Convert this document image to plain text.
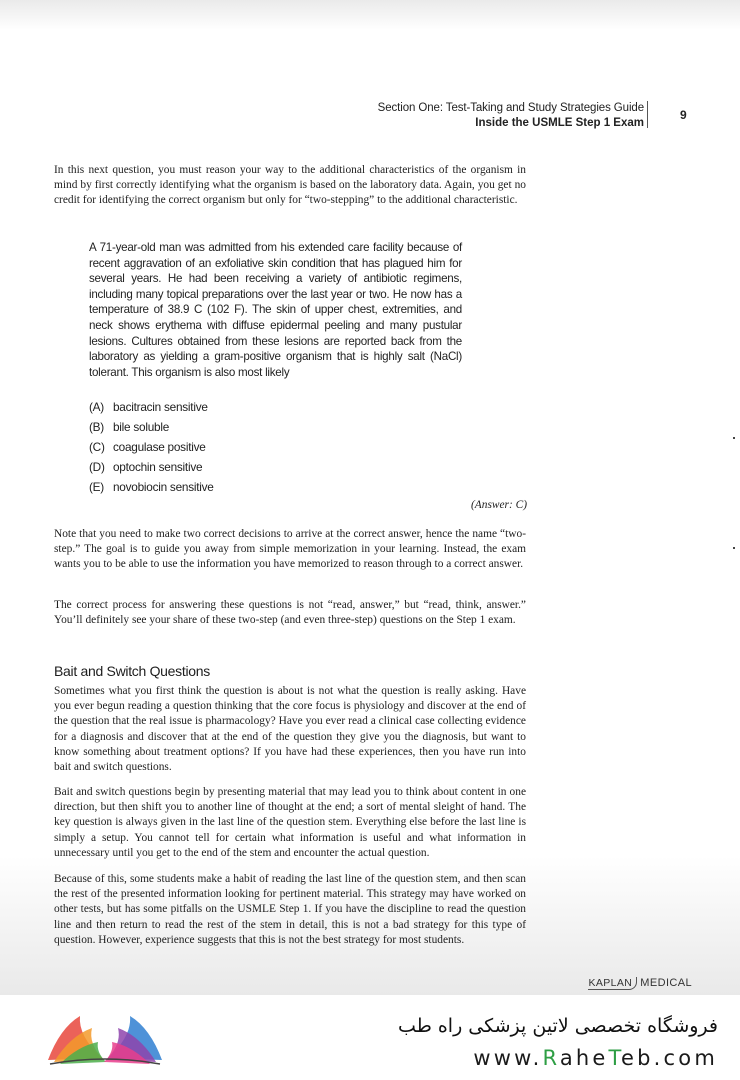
Section One: Test-Taking and Study Strategies Guide
Inside the USMLE Step 1 Exam
9

In this next question, you must reason your way to the additional characteristics of the organism in mind by first correctly identifying what the organism is based on the laboratory data. Again, you get no credit for identifying the correct organism but only for “two-stepping” to the additional characteristic.

A 71-year-old man was admitted from his extended care facility because of recent aggravation of an exfoliative skin condition that has plagued him for several years. He had been receiving a variety of antibiotic regimens, including many topical preparations over the last year or two. He now has a temperature of 38.9 C (102 F). The skin of upper chest, extremities, and neck shows erythema with diffuse epidermal peeling and many pustular lesions. Cultures obtained from these lesions are reported back from the laboratory as yielding a gram-positive organism that is highly salt (NaCl) tolerant. This organism is also most likely

(A) bacitracin sensitive
(B) bile soluble
(C) coagulase positive
(D) optochin sensitive
(E) novobiocin sensitive
(Answer: C)

Note that you need to make two correct decisions to arrive at the correct answer, hence the name “two-step.” The goal is to guide you away from simple memorization in your learning. Instead, the exam wants you to be able to use the information you have memorized to reason through to a correct answer.

The correct process for answering these questions is not “read, answer,” but “read, think, answer.” You’ll definitely see your share of these two-step (and even three-step) questions on the Step 1 exam.

Bait and Switch Questions

Sometimes what you first think the question is about is not what the question is really asking. Have you ever begun reading a question thinking that the core focus is physiology and discover at the end of the question that the real issue is pharmacology? Have you ever read a clinical case collecting evidence for a diagnosis and discover that at the end of the question they give you the diagnosis, but want to know something about treatment options? If you have had these experiences, then you have run into bait and switch questions.

Bait and switch questions begin by presenting material that may lead you to think about content in one direction, but then shift you to another line of thought at the end; a sort of mental sleight of hand. The key question is always given in the last line of the question stem. Everything else before the last line is simply a setup. You cannot tell for certain what information is useful and what information in unnecessary until you get to the end of the stem and encounter the actual question.

Because of this, some students make a habit of reading the last line of the question stem, and then scan the rest of the presented information looking for pertinent material. This strategy may have worked on other tests, but has some pitfalls on the USMLE Step 1. If you have the discipline to read the question line and then return to read the rest of the stem in detail, this is not a bad strategy for this type of question. However, experience suggests that this is not the best strategy for most students.

KAPLAN MEDICAL
فروشگاه تخصصی لاتین پزشکی راه طب
www.RaheTeb.com
